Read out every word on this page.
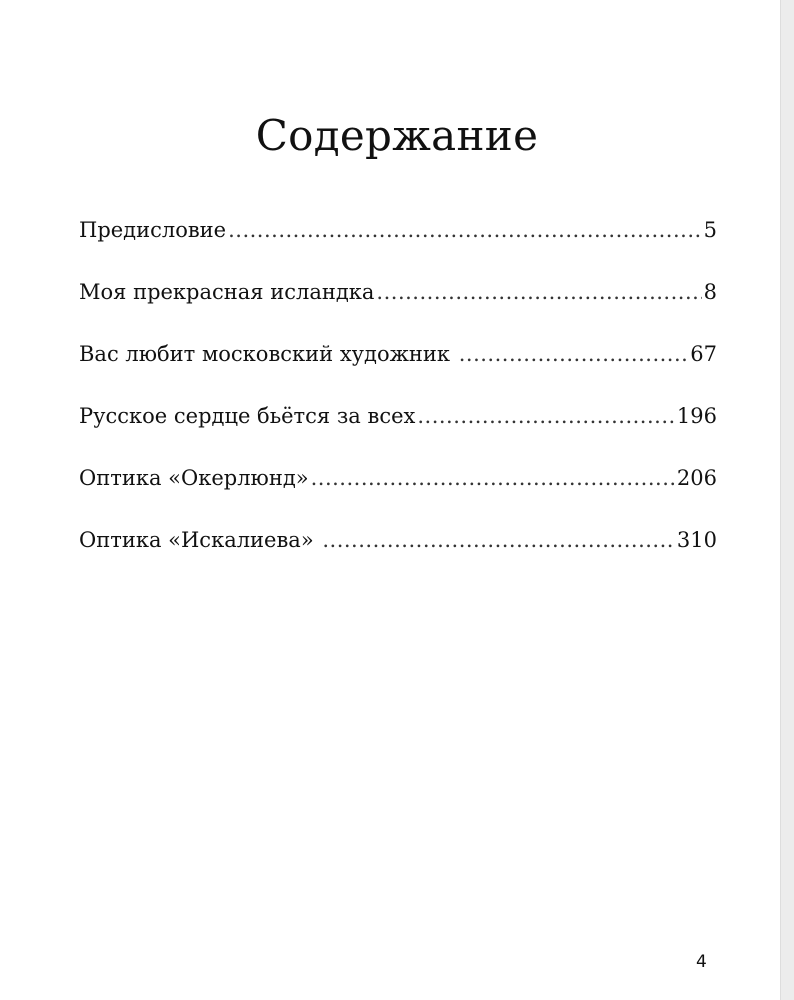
Содержание
Предисловие .....	5
Моя прекрасная исландка .....	8
Вас любит московский художник .....	67
Русское сердце бьётся за всех .....	196
Оптика «Окерлюнд» .....	206
Оптика «Искалиева» .....	310
4
